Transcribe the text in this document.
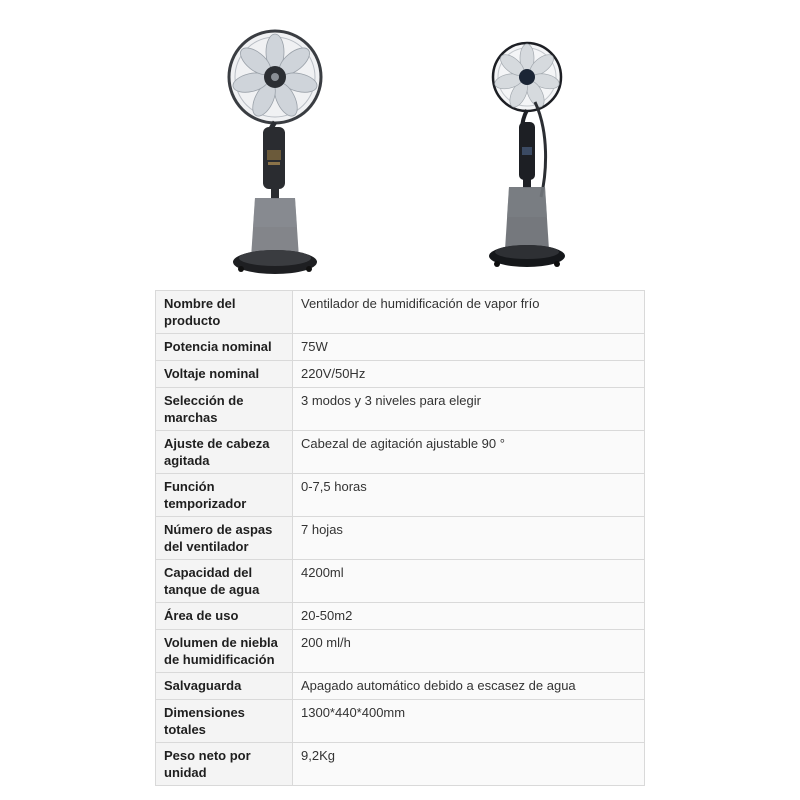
Nombre del producto	Ventilador de humidificación de vapor frío
Potencia nominal	75W
Voltaje nominal	220V/50Hz
Selección de marchas	3 modos y 3 niveles para elegir
Ajuste de cabeza agitada	Cabezal de agitación ajustable 90 °
Función temporizador	0-7,5 horas
Número de aspas del ventilador	7 hojas
Capacidad del tanque de agua	4200ml
Área de uso	20-50m2
Volumen de niebla de humidificación	200 ml/h
Salvaguarda	Apagado automático debido a escasez de agua
Dimensiones totales	1300*440*400mm
Peso neto por unidad	9,2Kg
